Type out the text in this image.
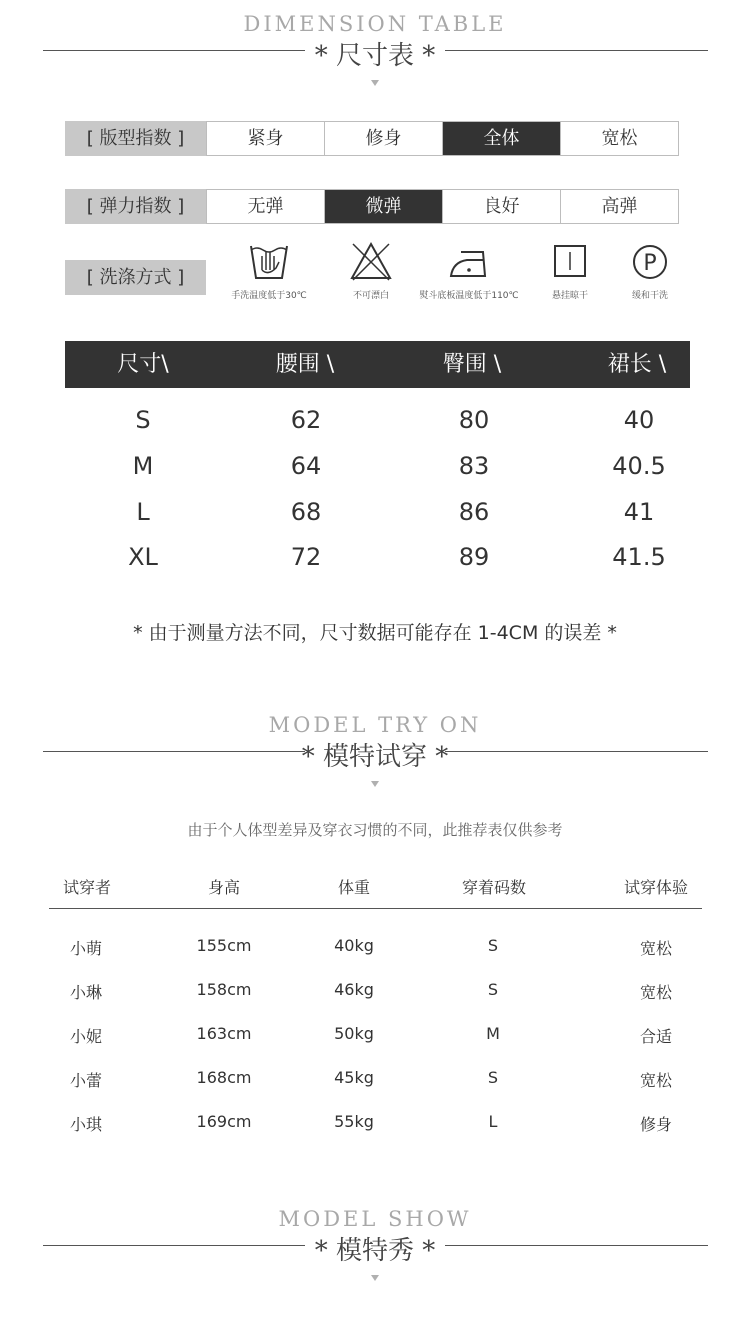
DIMENSION TABLE
* 尺寸表 *
[ 版型指数 ]	紧身	修身	全体	宽松
[ 弹力指数 ]	无弹	微弹	良好	高弹
[ 洗涤方式 ]
手洗温度低于30℃	不可漂白	熨斗底板温度低于110℃	悬挂晾干
P
缓和干洗
尺寸\	腰围 \	臀围 \	裙长 \
S	62	80	40
M	64	83	40.5
L	68	86	41
XL	72	89	41.5
* 由于测量方法不同，尺寸数据可能存在 1-4CM 的误差 *
MODEL TRY ON
* 模特试穿 *
由于个人体型差异及穿衣习惯的不同，此推荐表仅供参考
试穿者	身高	体重	穿着码数	试穿体验
小萌	155cm	40kg	S	宽松
小琳	158cm	46kg	S	宽松
小妮	163cm	50kg	M	合适
小蕾	168cm	45kg	S	宽松
小琪	169cm	55kg	L	修身
MODEL SHOW
* 模特秀 *
